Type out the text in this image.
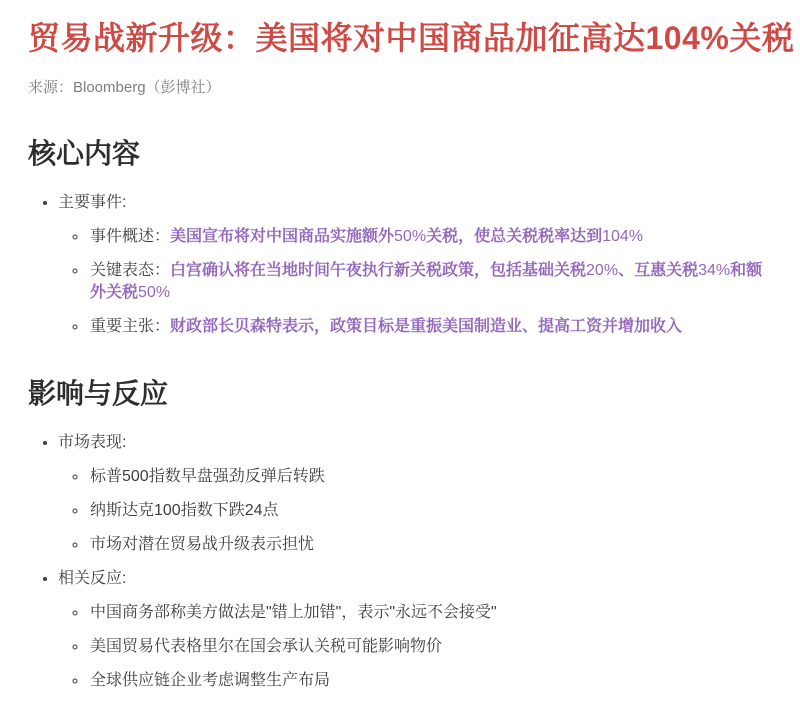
贸易战新升级：美国将对中国商品加征高达104%关税

来源：Bloomberg（彭博社）

核心内容
• 主要事件:
◦ 事件概述：美国宣布将对中国商品实施额外50%关税，使总关税税率达到104%
◦ 关键表态：白宫确认将在当地时间午夜执行新关税政策，包括基础关税20%、互惠关税34%和额外关税50%
◦ 重要主张：财政部长贝森特表示，政策目标是重振美国制造业、提高工资并增加收入
影响与反应
• 市场表现:
◦ 标普500指数早盘强劲反弹后转跌
◦ 纳斯达克100指数下跌24点
◦ 市场对潜在贸易战升级表示担忧
• 相关反应:
◦ 中国商务部称美方做法是"错上加错"，表示"永远不会接受"
◦ 美国贸易代表格里尔在国会承认关税可能影响物价
◦ 全球供应链企业考虑调整生产布局
